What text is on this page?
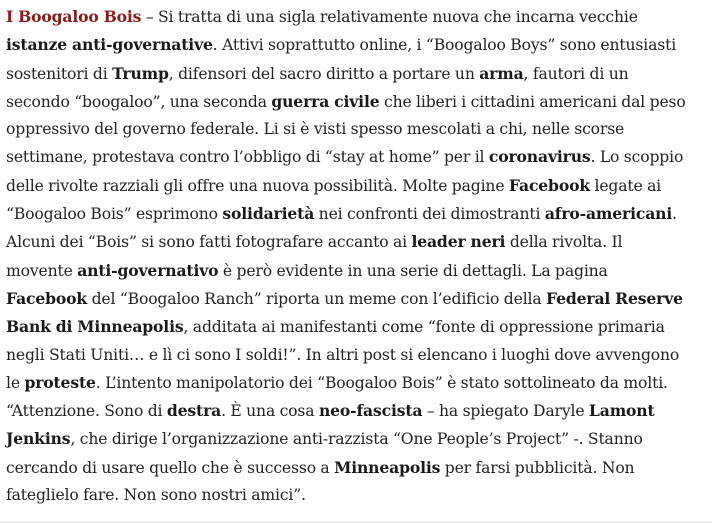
I Boogaloo Bois – Si tratta di una sigla relativamente nuova che incarna vecchie istanze anti-governative. Attivi soprattutto online, i “Boogaloo Boys” sono entusiasti sostenitori di Trump, difensori del sacro diritto a portare un arma, fautori di un secondo “boogaloo”, una seconda guerra civile che liberi i cittadini americani dal peso oppressivo del governo federale. Li si è visti spesso mescolati a chi, nelle scorse settimane, protestava contro l’obbligo di “stay at home” per il coronavirus. Lo scoppio delle rivolte razziali gli offre una nuova possibilità. Molte pagine Facebook legate ai “Boogaloo Bois” esprimono solidarietà nei confronti dei dimostranti afro-americani. Alcuni dei “Bois” si sono fatti fotografare accanto ai leader neri della rivolta. Il movente anti-governativo è però evidente in una serie di dettagli. La pagina Facebook del “Boogaloo Ranch” riporta un meme con l’edificio della Federal Reserve Bank di Minneapolis, additata ai manifestanti come “fonte di oppressione primaria negli Stati Uniti… e lì ci sono I soldi!”. In altri post si elencano i luoghi dove avvengono le proteste. L’intento manipolatorio dei “Boogaloo Bois” è stato sottolineato da molti. “Attenzione. Sono di destra. È una cosa neo-fascista – ha spiegato Daryle Lamont Jenkins, che dirige l’organizzazione anti-razzista “One People’s Project” -. Stanno cercando di usare quello che è successo a Minneapolis per farsi pubblicità. Non fateglielo fare. Non sono nostri amici”.
